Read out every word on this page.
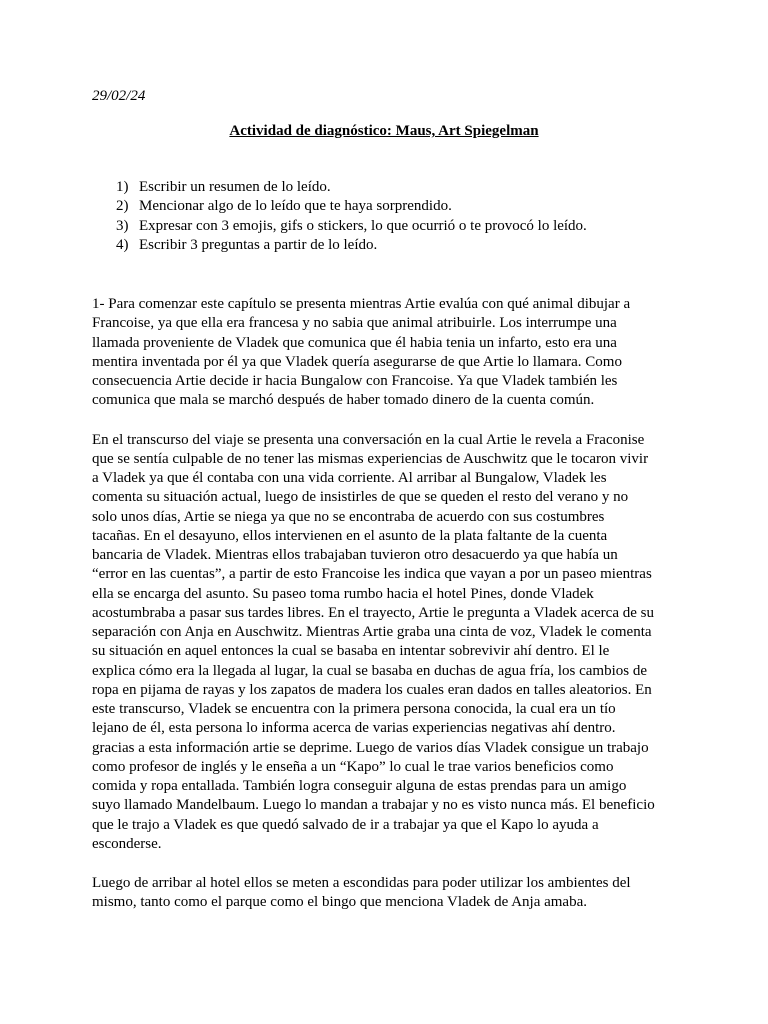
29/02/24

Actividad de diagnóstico: Maus, Art Spiegelman

1) Escribir un resumen de lo leído.
2) Mencionar algo de lo leído que te haya sorprendido.
3) Expresar con 3 emojis, gifs o stickers, lo que ocurrió o te provocó lo leído.
4) Escribir 3 preguntas a partir de lo leído.

1- Para comenzar este capítulo se presenta mientras Artie evalúa con qué animal dibujar a
Francoise, ya que ella era francesa y no sabia que animal atribuirle. Los interrumpe una
llamada proveniente de Vladek que comunica que él habia tenia un infarto, esto era una
mentira inventada por él ya que Vladek quería asegurarse de que Artie lo llamara. Como
consecuencia Artie decide ir hacia Bungalow con Francoise. Ya que Vladek también les
comunica que mala se marchó después de haber tomado dinero de la cuenta común.

En el transcurso del viaje se presenta una conversación en la cual Artie le revela a Fraconise
que se sentía culpable de no tener las mismas experiencias de Auschwitz que le tocaron vivir
a Vladek ya que él contaba con una vida corriente. Al arribar al Bungalow, Vladek les
comenta su situación actual, luego de insistirles de que se queden el resto del verano y no
solo unos días, Artie se niega ya que no se encontraba de acuerdo con sus costumbres
tacañas. En el desayuno, ellos intervienen en el asunto de la plata faltante de la cuenta
bancaria de Vladek. Mientras ellos trabajaban tuvieron otro desacuerdo ya que había un
“error en las cuentas”, a partir de esto Francoise les indica que vayan a por un paseo mientras
ella se encarga del asunto. Su paseo toma rumbo hacia el hotel Pines, donde Vladek
acostumbraba a pasar sus tardes libres. En el trayecto, Artie le pregunta a Vladek acerca de su
separación con Anja en Auschwitz. Mientras Artie graba una cinta de voz, Vladek le comenta
su situación en aquel entonces la cual se basaba en intentar sobrevivir ahí dentro. El le
explica cómo era la llegada al lugar, la cual se basaba en duchas de agua fría, los cambios de
ropa en pijama de rayas y los zapatos de madera los cuales eran dados en talles aleatorios. En
este transcurso, Vladek se encuentra con la primera persona conocida, la cual era un tío
lejano de él, esta persona lo informa acerca de varias experiencias negativas ahí dentro.
gracias a esta información artie se deprime. Luego de varios días Vladek consigue un trabajo
como profesor de inglés y le enseña a un “Kapo” lo cual le trae varios beneficios como
comida y ropa entallada. También logra conseguir alguna de estas prendas para un amigo
suyo llamado Mandelbaum. Luego lo mandan a trabajar y no es visto nunca más. El beneficio
que le trajo a Vladek es que quedó salvado de ir a trabajar ya que el Kapo lo ayuda a
esconderse.

Luego de arribar al hotel ellos se meten a escondidas para poder utilizar los ambientes del
mismo, tanto como el parque como el bingo que menciona Vladek de Anja amaba.
